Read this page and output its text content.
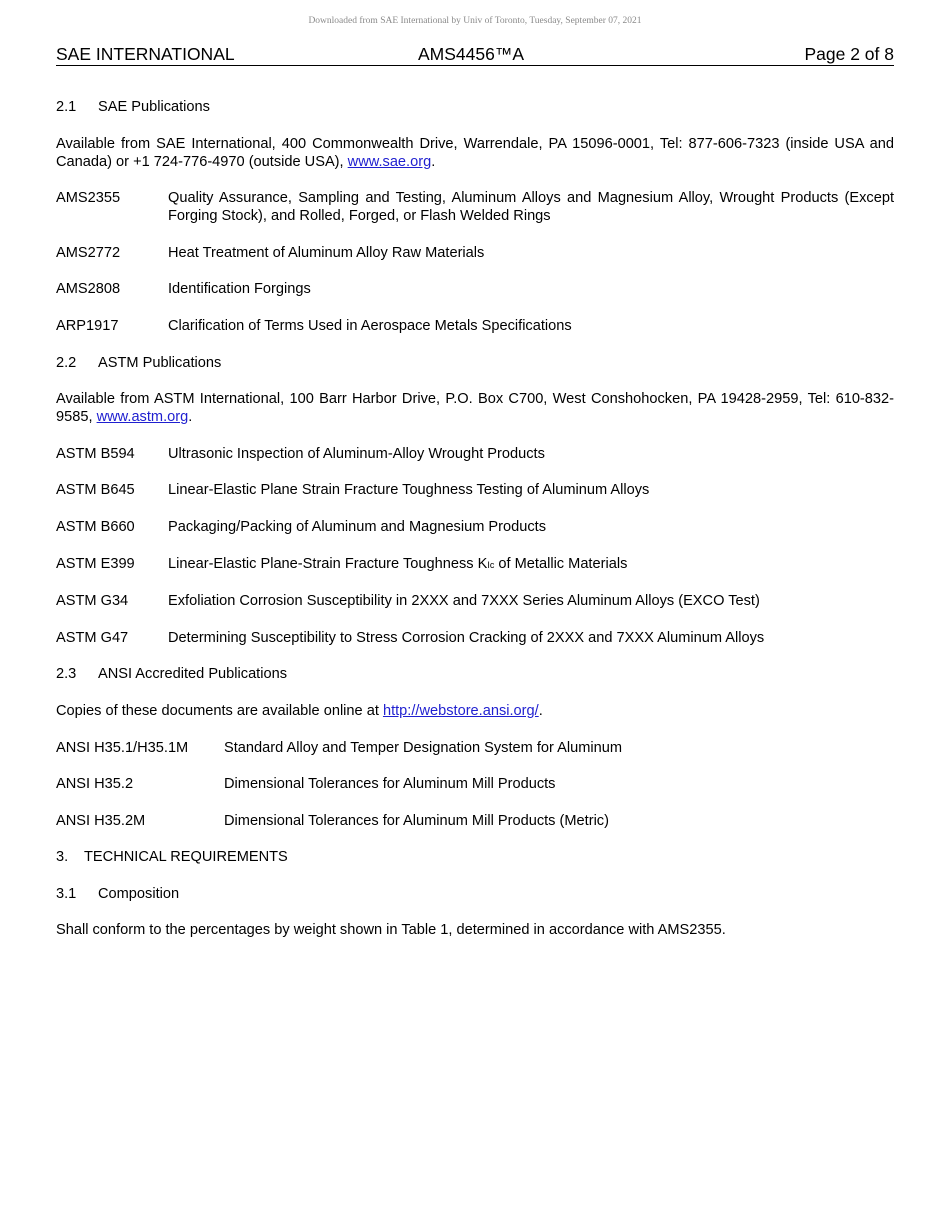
Downloaded from SAE International by Univ of Toronto, Tuesday, September 07, 2021
SAE INTERNATIONAL	AMS4456™A	Page 2 of 8
2.1 SAE Publications
Available from SAE International, 400 Commonwealth Drive, Warrendale, PA 15096-0001, Tel: 877-606-7323 (inside USA and Canada) or +1 724-776-4970 (outside USA), www.sae.org.
AMS2355	Quality Assurance, Sampling and Testing, Aluminum Alloys and Magnesium Alloy, Wrought Products (Except Forging Stock), and Rolled, Forged, or Flash Welded Rings
AMS2772	Heat Treatment of Aluminum Alloy Raw Materials
AMS2808	Identification Forgings
ARP1917	Clarification of Terms Used in Aerospace Metals Specifications
2.2 ASTM Publications
Available from ASTM International, 100 Barr Harbor Drive, P.O. Box C700, West Conshohocken, PA 19428-2959, Tel: 610-832-9585, www.astm.org.
ASTM B594	Ultrasonic Inspection of Aluminum-Alloy Wrought Products
ASTM B645	Linear-Elastic Plane Strain Fracture Toughness Testing of Aluminum Alloys
ASTM B660	Packaging/Packing of Aluminum and Magnesium Products
ASTM E399	Linear-Elastic Plane-Strain Fracture Toughness KIc of Metallic Materials
ASTM G34	Exfoliation Corrosion Susceptibility in 2XXX and 7XXX Series Aluminum Alloys (EXCO Test)
ASTM G47	Determining Susceptibility to Stress Corrosion Cracking of 2XXX and 7XXX Aluminum Alloys
2.3 ANSI Accredited Publications
Copies of these documents are available online at http://webstore.ansi.org/.
ANSI H35.1/H35.1M	Standard Alloy and Temper Designation System for Aluminum
ANSI H35.2	Dimensional Tolerances for Aluminum Mill Products
ANSI H35.2M	Dimensional Tolerances for Aluminum Mill Products (Metric)
3. TECHNICAL REQUIREMENTS
3.1 Composition
Shall conform to the percentages by weight shown in Table 1, determined in accordance with AMS2355.
